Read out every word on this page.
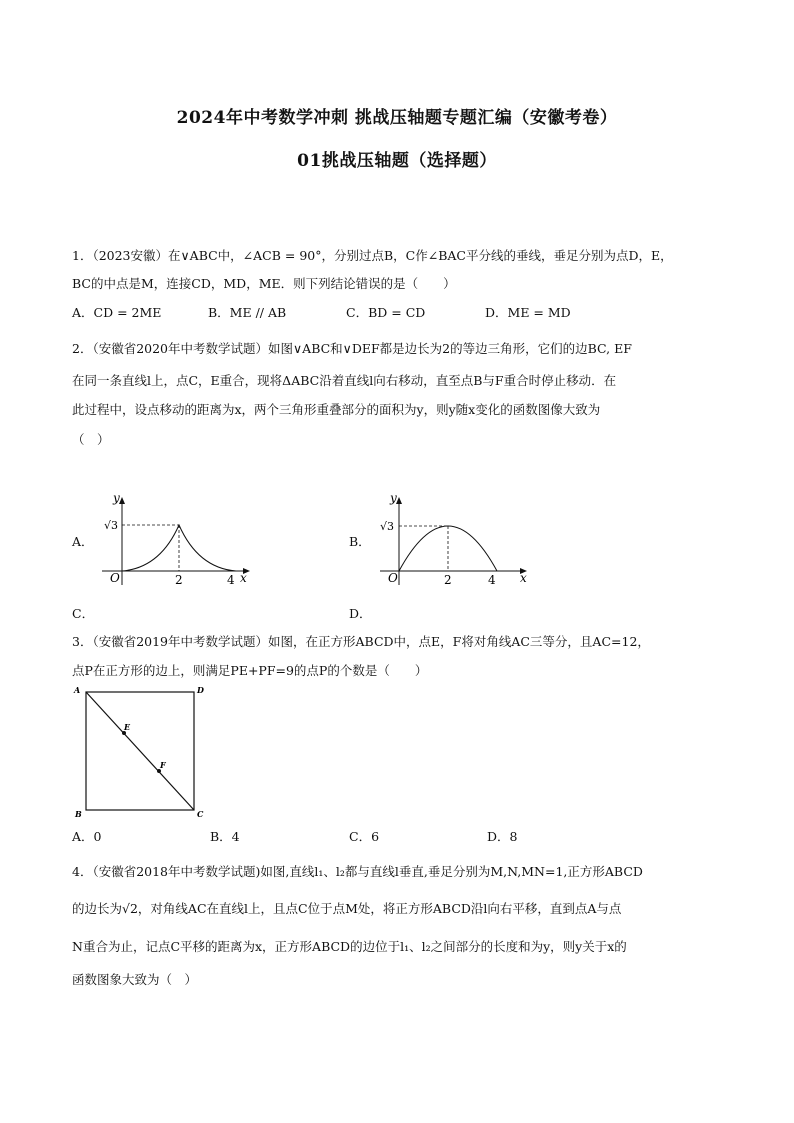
2024年中考数学冲刺 挑战压轴题专题汇编（安徽考卷）
01挑战压轴题（选择题）
1．（2023安徽）在∨ABC中，∠ACB = 90°，分别过点B，C作∠BAC平分线的垂线，垂足分别为点D，E，
BC的中点是M，连接CD，MD，ME．则下列结论错误的是（　　）
A．CD = 2ME	B．ME // AB	C．BD = CD	D．ME = MD
2．（安徽省2020年中考数学试题）如图∨ABC和∨DEF都是边长为2的等边三角形，它们的边BC, EF
在同一条直线l上，点C，E重合，现将ΔABC沿着直线l向右移动，直至点B与F重合时停止移动．在
此过程中，设点移动的距离为x，两个三角形重叠部分的面积为y，则y随x变化的函数图像大致为
（　）
A．
y
√3
O	2	4 x
B．
y
√3
O	2	4 x
C．	D．
3．（安徽省2019年中考数学试题）如图，在正方形ABCD中，点E，F将对角线AC三等分，且AC=12，
点P在正方形的边上，则满足PE+PF=9的点P的个数是（　　）
A	D
B	C
E
F
A．0	B．4	C．6	D．8
4．（安徽省2018年中考数学试题)如图,直线l₁、l₂都与直线l垂直,垂足分别为M,N,MN=1,正方形ABCD
的边长为√2，对角线AC在直线l上，且点C位于点M处，将正方形ABCD沿l向右平移，直到点A与点
N重合为止，记点C平移的距离为x，正方形ABCD的边位于l₁、l₂之间部分的长度和为y，则y关于x的
函数图象大致为（　）
